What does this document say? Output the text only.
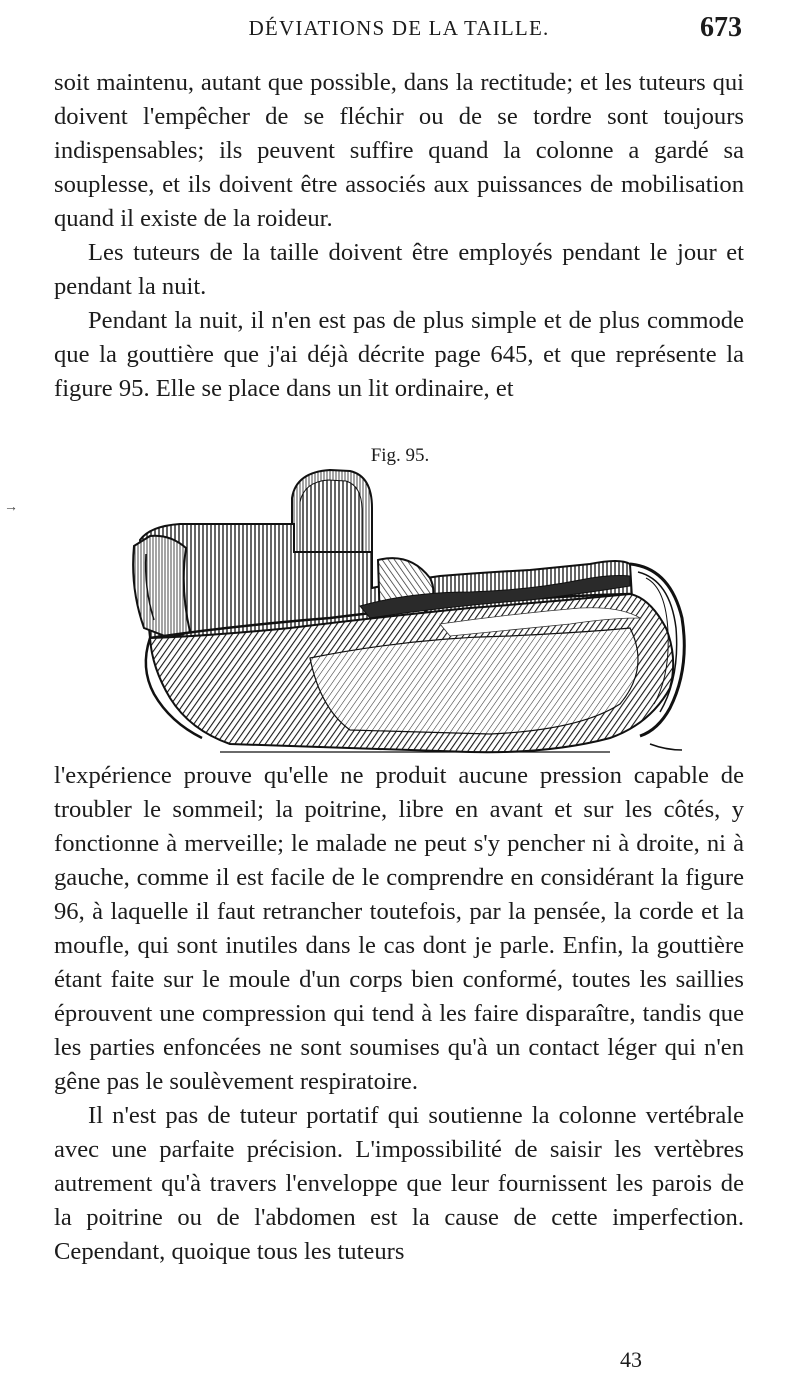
DÉVIATIONS DE LA TAILLE.	673
→

soit maintenu, autant que possible, dans la rectitude; et les tuteurs qui doivent l'empêcher de se fléchir ou de se tordre sont toujours indispensables; ils peuvent suffire quand la colonne a gardé sa souplesse, et ils doivent être associés aux puissances de mobilisation quand il existe de la roideur.

Les tuteurs de la taille doivent être employés pendant le jour et pendant la nuit.

Pendant la nuit, il n'en est pas de plus simple et de plus commode que la gouttière que j'ai déjà décrite page 645, et que représente la figure 95. Elle se place dans un lit ordinaire, et

Fig. 95.

l'expérience prouve qu'elle ne produit aucune pression capable de troubler le sommeil; la poitrine, libre en avant et sur les côtés, y fonctionne à merveille; le malade ne peut s'y pencher ni à droite, ni à gauche, comme il est facile de le comprendre en considérant la figure 96, à laquelle il faut retrancher toutefois, par la pensée, la corde et la moufle, qui sont inutiles dans le cas dont je parle. Enfin, la gouttière étant faite sur le moule d'un corps bien conformé, toutes les saillies éprouvent une compression qui tend à les faire disparaître, tandis que les parties enfoncées ne sont soumises qu'à un contact léger qui n'en gêne pas le soulèvement respiratoire.

Il n'est pas de tuteur portatif qui soutienne la colonne vertébrale avec une parfaite précision. L'impossibilité de saisir les vertèbres autrement qu'à travers l'enveloppe que leur fournissent les parois de la poitrine ou de l'abdomen est la cause de cette imperfection. Cependant, quoique tous les tuteurs

43
